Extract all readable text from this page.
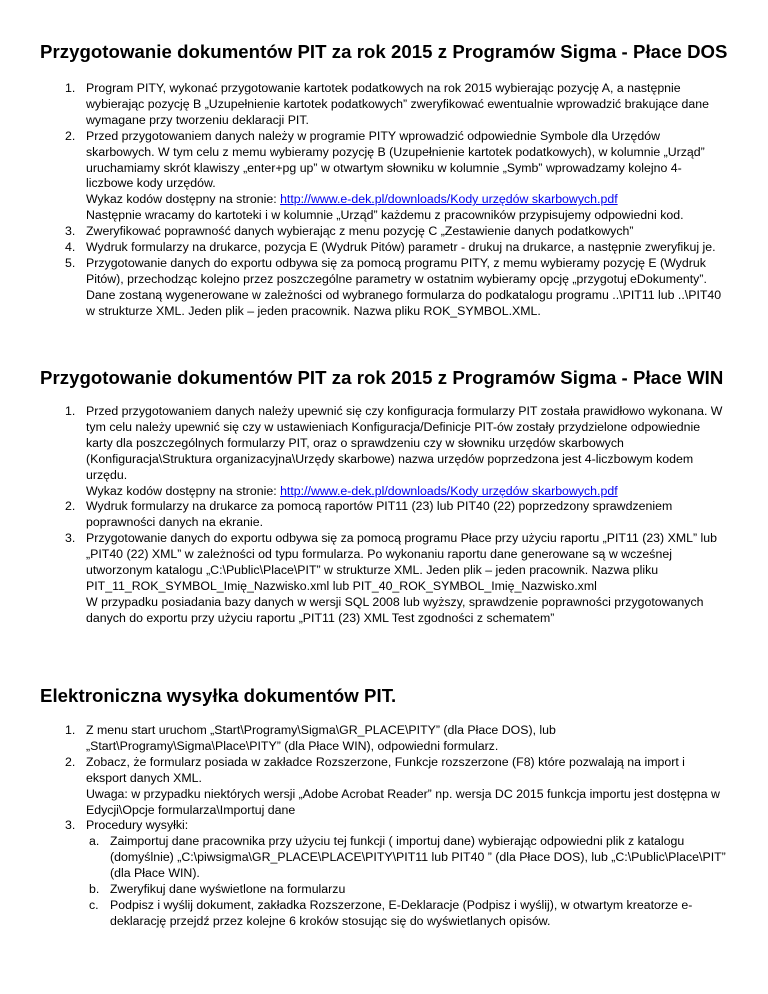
Przygotowanie dokumentów PIT za rok 2015 z Programów Sigma - Płace DOS
1. Program PITY, wykonać przygotowanie kartotek podatkowych na rok 2015 wybierając pozycję A, a następnie wybierając pozycję B „Uzupełnienie kartotek podatkowych” zweryfikować ewentualnie wprowadzić brakujące dane wymagane przy tworzeniu deklaracji PIT.
2. Przed przygotowaniem danych należy w programie PITY wprowadzić odpowiednie Symbole dla Urzędów skarbowych. W tym celu z memu wybieramy pozycję B (Uzupełnienie kartotek podatkowych), w kolumnie „Urząd” uruchamiamy skrót klawiszy „enter+pg up” w otwartym słowniku w kolumnie „Symb” wprowadzamy kolejno 4-liczbowe kody urzędów.
Wykaz kodów dostępny na stronie: http://www.e-dek.pl/downloads/Kody urzędów skarbowych.pdf
Następnie wracamy do kartoteki i w kolumnie „Urząd” każdemu z pracowników przypisujemy odpowiedni kod.
3. Zweryfikować poprawność danych wybierając z menu pozycję C „Zestawienie danych podatkowych”
4. Wydruk formularzy na drukarce, pozycja E (Wydruk Pitów) parametr - drukuj na drukarce, a następnie zweryfikuj je.
5. Przygotowanie danych do exportu odbywa się za pomocą programu PITY, z memu wybieramy pozycję E (Wydruk Pitów), przechodząc kolejno przez poszczególne parametry w ostatnim wybieramy opcję „przygotuj eDokumenty”. Dane zostaną wygenerowane w zależności od wybranego formularza do podkatalogu programu ..\PIT11 lub ..\PIT40 w strukturze XML. Jeden plik – jeden pracownik. Nazwa pliku ROK_SYMBOL.XML.
Przygotowanie dokumentów PIT za rok 2015 z Programów Sigma - Płace WIN
1. Przed przygotowaniem danych należy upewnić się czy konfiguracja formularzy PIT została prawidłowo wykonana. W tym celu należy upewnić się czy w ustawieniach Konfiguracja/Definicje PIT-ów zostały przydzielone odpowiednie karty dla poszczególnych formularzy PIT, oraz o sprawdzeniu czy w słowniku urzędów skarbowych (Konfiguracja\Struktura organizacyjna\Urzędy skarbowe) nazwa urzędów poprzedzona jest 4-liczbowym kodem urzędu.
Wykaz kodów dostępny na stronie: http://www.e-dek.pl/downloads/Kody urzędów skarbowych.pdf
2. Wydruk formularzy na drukarce za pomocą raportów PIT11 (23) lub PIT40 (22) poprzedzony sprawdzeniem poprawności danych na ekranie.
3. Przygotowanie danych do exportu odbywa się za pomocą programu Płace przy użyciu raportu „PIT11 (23) XML” lub „PIT40 (22) XML” w zależności od typu formularza. Po wykonaniu raportu dane generowane są w wcześnej utworzonym katalogu „C:\Public\Place\PIT” w strukturze XML. Jeden plik – jeden pracownik. Nazwa pliku PIT_11_ROK_SYMBOL_Imię_Nazwisko.xml lub PIT_40_ROK_SYMBOL_Imię_Nazwisko.xml
W przypadku posiadania bazy danych w wersji SQL 2008 lub wyższy, sprawdzenie poprawności przygotowanych danych do exportu przy użyciu raportu „PIT11 (23) XML Test zgodności z schematem”
Elektroniczna wysyłka dokumentów PIT.
1. Z menu start uruchom „Start\Programy\Sigma\GR_PLACE\PITY” (dla Płace DOS), lub „Start\Programy\Sigma\Place\PITY” (dla Płace WIN), odpowiedni formularz.
2. Zobacz, że formularz posiada w zakładce Rozszerzone, Funkcje rozszerzone (F8) które pozwalają na import i eksport danych XML.
Uwaga: w przypadku niektórych wersji „Adobe Acrobat Reader” np. wersja DC 2015 funkcja importu jest dostępna w Edycji\Opcje formularza\Importuj dane
3. Procedury wysyłki:
a. Zaimportuj dane pracownika przy użyciu tej funkcji ( importuj dane) wybierając odpowiedni plik z katalogu (domyślnie) „C:\piwsigma\GR_PLACE\PLACE\PITY\PIT11 lub PIT40 ” (dla Płace DOS), lub „C:\Public\Place\PIT” (dla Płace WIN).
b. Zweryfikuj dane wyświetlone na formularzu
c. Podpisz i wyślij dokument, zakładka Rozszerzone, E-Deklaracje (Podpisz i wyślij), w otwartym kreatorze e-deklarację przejdź przez kolejne 6 kroków stosując się do wyświetlanych opisów.
